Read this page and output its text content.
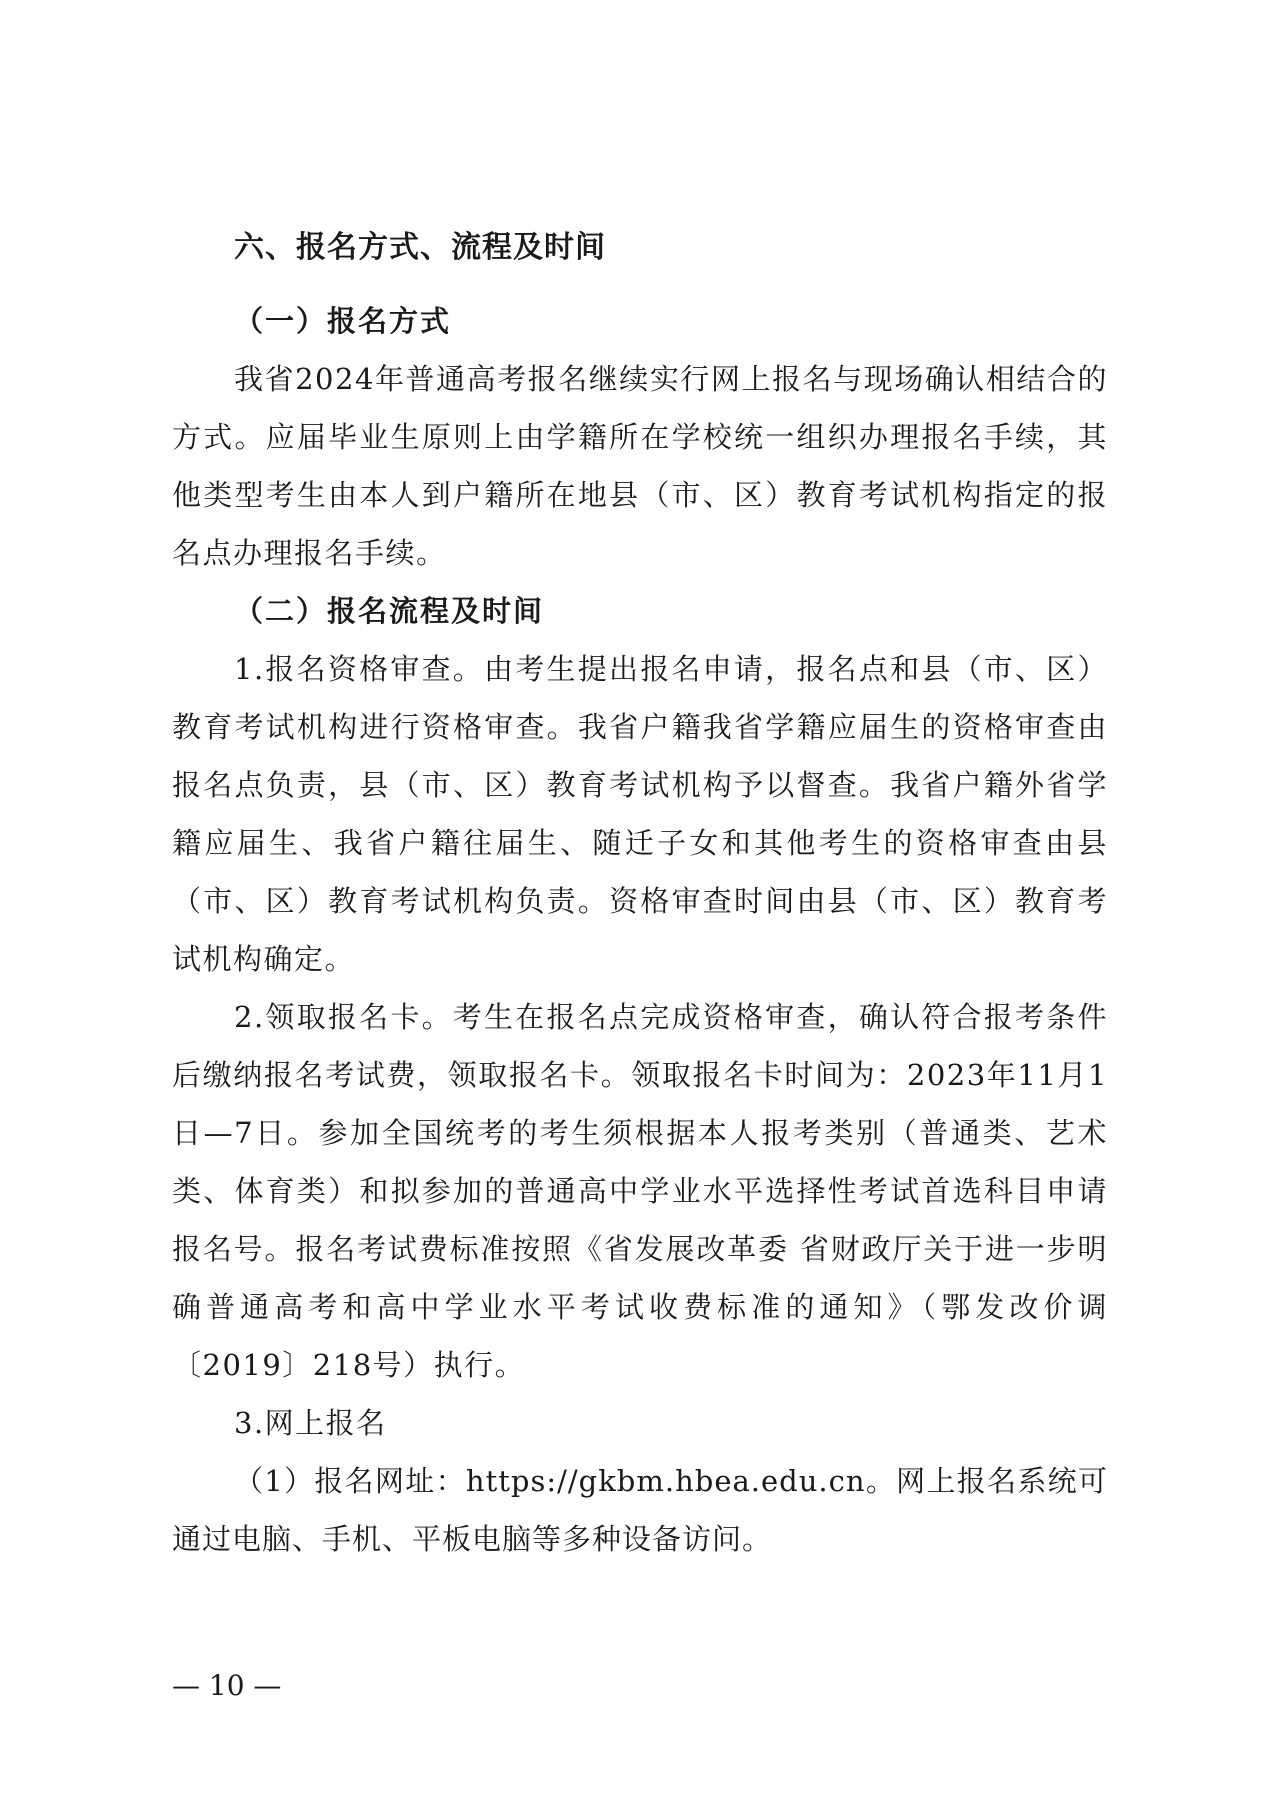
六、报名方式、流程及时间
（一）报名方式

我省2024年普通高考报名继续实行网上报名与现场确认相结合的方式。应届毕业生原则上由学籍所在学校统一组织办理报名手续，其他类型考生由本人到户籍所在地县（市、区）教育考试机构指定的报名点办理报名手续。

（二）报名流程及时间

1.报名资格审查。由考生提出报名申请，报名点和县（市、区）教育考试机构进行资格审查。我省户籍我省学籍应届生的资格审查由报名点负责，县（市、区）教育考试机构予以督查。我省户籍外省学籍应届生、我省户籍往届生、随迁子女和其他考生的资格审查由县（市、区）教育考试机构负责。资格审查时间由县（市、区）教育考试机构确定。

2.领取报名卡。考生在报名点完成资格审查，确认符合报考条件后缴纳报名考试费，领取报名卡。领取报名卡时间为：2023年11月1日—7日。参加全国统考的考生须根据本人报考类别（普通类、艺术类、体育类）和拟参加的普通高中学业水平选择性考试首选科目申请报名号。报名考试费标准按照《省发展改革委 省财政厅关于进一步明确普通高考和高中学业水平考试收费标准的通知》（鄂发改价调〔2019〕218号）执行。

3.网上报名

（1）报名网址：https://gkbm.hbea.edu.cn。网上报名系统可通过电脑、手机、平板电脑等多种设备访问。

— 10 —
